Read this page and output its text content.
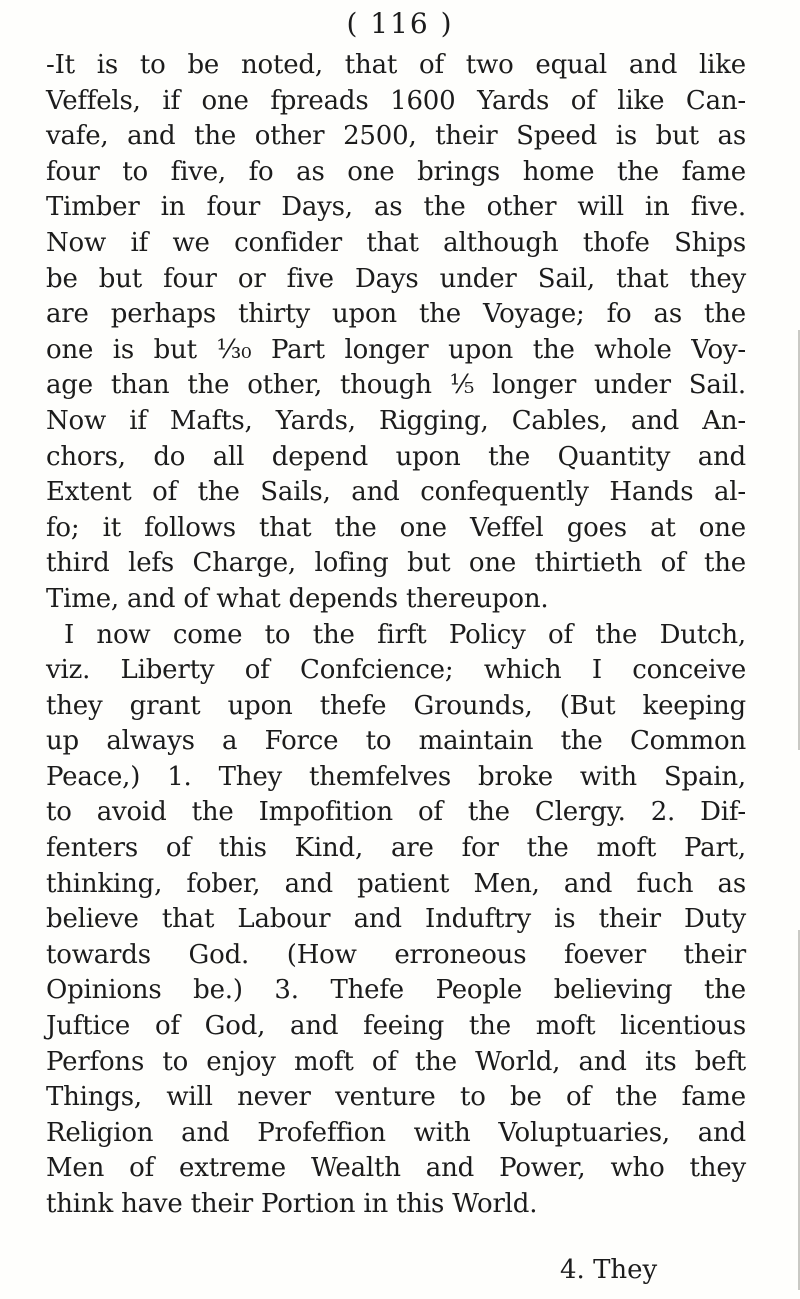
( 116 )
-It is to be noted, that of two equal and like
Veffels, if one fpreads 1600 Yards of like Can-
vafe, and the other 2500, their Speed is but as
four to five, fo as one brings home the fame
Timber in four Days, as the other will in five.
Now if we confider that although thofe Ships
be but four or five Days under Sail, that they
are perhaps thirty upon the Voyage; fo as the
one is but ¹⁄₃₀ Part longer upon the whole Voy-
age than the other, though ¹⁄₅ longer under Sail.
Now if Mafts, Yards, Rigging, Cables, and An-
chors, do all depend upon the Quantity and
Extent of the Sails, and confequently Hands al-
fo; it follows that the one Veffel goes at one
third lefs Charge, lofing but one thirtieth of the
Time, and of what depends thereupon.
I now come to the firft Policy of the Dutch,
viz. Liberty of Confcience; which I conceive
they grant upon thefe Grounds, (But keeping
up always a Force to maintain the Common
Peace,) 1. They themfelves broke with Spain,
to avoid the Impofition of the Clergy. 2. Dif-
fenters of this Kind, are for the moft Part,
thinking, fober, and patient Men, and fuch as
believe that Labour and Induftry is their Duty
towards God. (How erroneous foever their
Opinions be.) 3. Thefe People believing the
Juftice of God, and feeing the moft licentious
Perfons to enjoy moft of the World, and its beft
Things, will never venture to be of the fame
Religion and Profeffion with Voluptuaries, and
Men of extreme Wealth and Power, who they
think have their Portion in this World.
4. They
